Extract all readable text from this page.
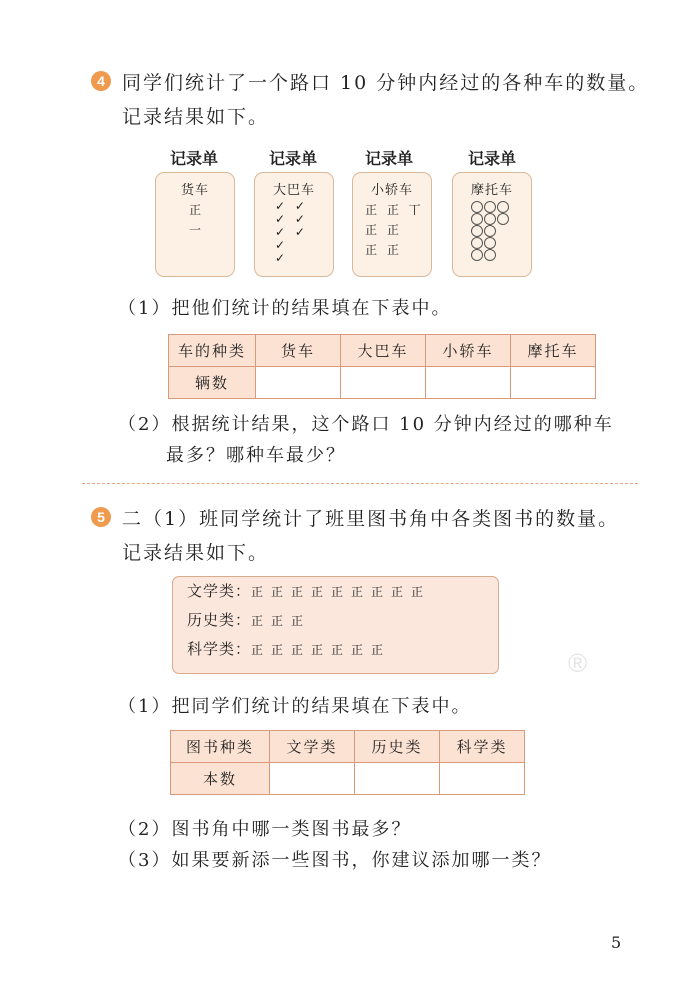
4 同学们统计了一个路口 10 分钟内经过的各种车的数量。
记录结果如下。
记录单	记录单	记录单	记录单
货车
正
一
大巴车
✓ ✓
✓ ✓
✓ ✓
✓
✓
小轿车
正 正 丅
正 正
正 正
摩托车
（1）把他们统计的结果填在下表中。
车的种类	货车	大巴车	小轿车	摩托车
辆数				
（2）根据统计结果，这个路口 10 分钟内经过的哪种车
最多？哪种车最少？
5 二（1）班同学统计了班里图书角中各类图书的数量。
记录结果如下。
文学类：正正正正正正正正正
历史类：正正正
科学类：正正正正正正正	®
（1）把同学们统计的结果填在下表中。
图书种类	文学类	历史类	科学类
本数			
（2）图书角中哪一类图书最多？
（3）如果要新添一些图书，你建议添加哪一类？
5
